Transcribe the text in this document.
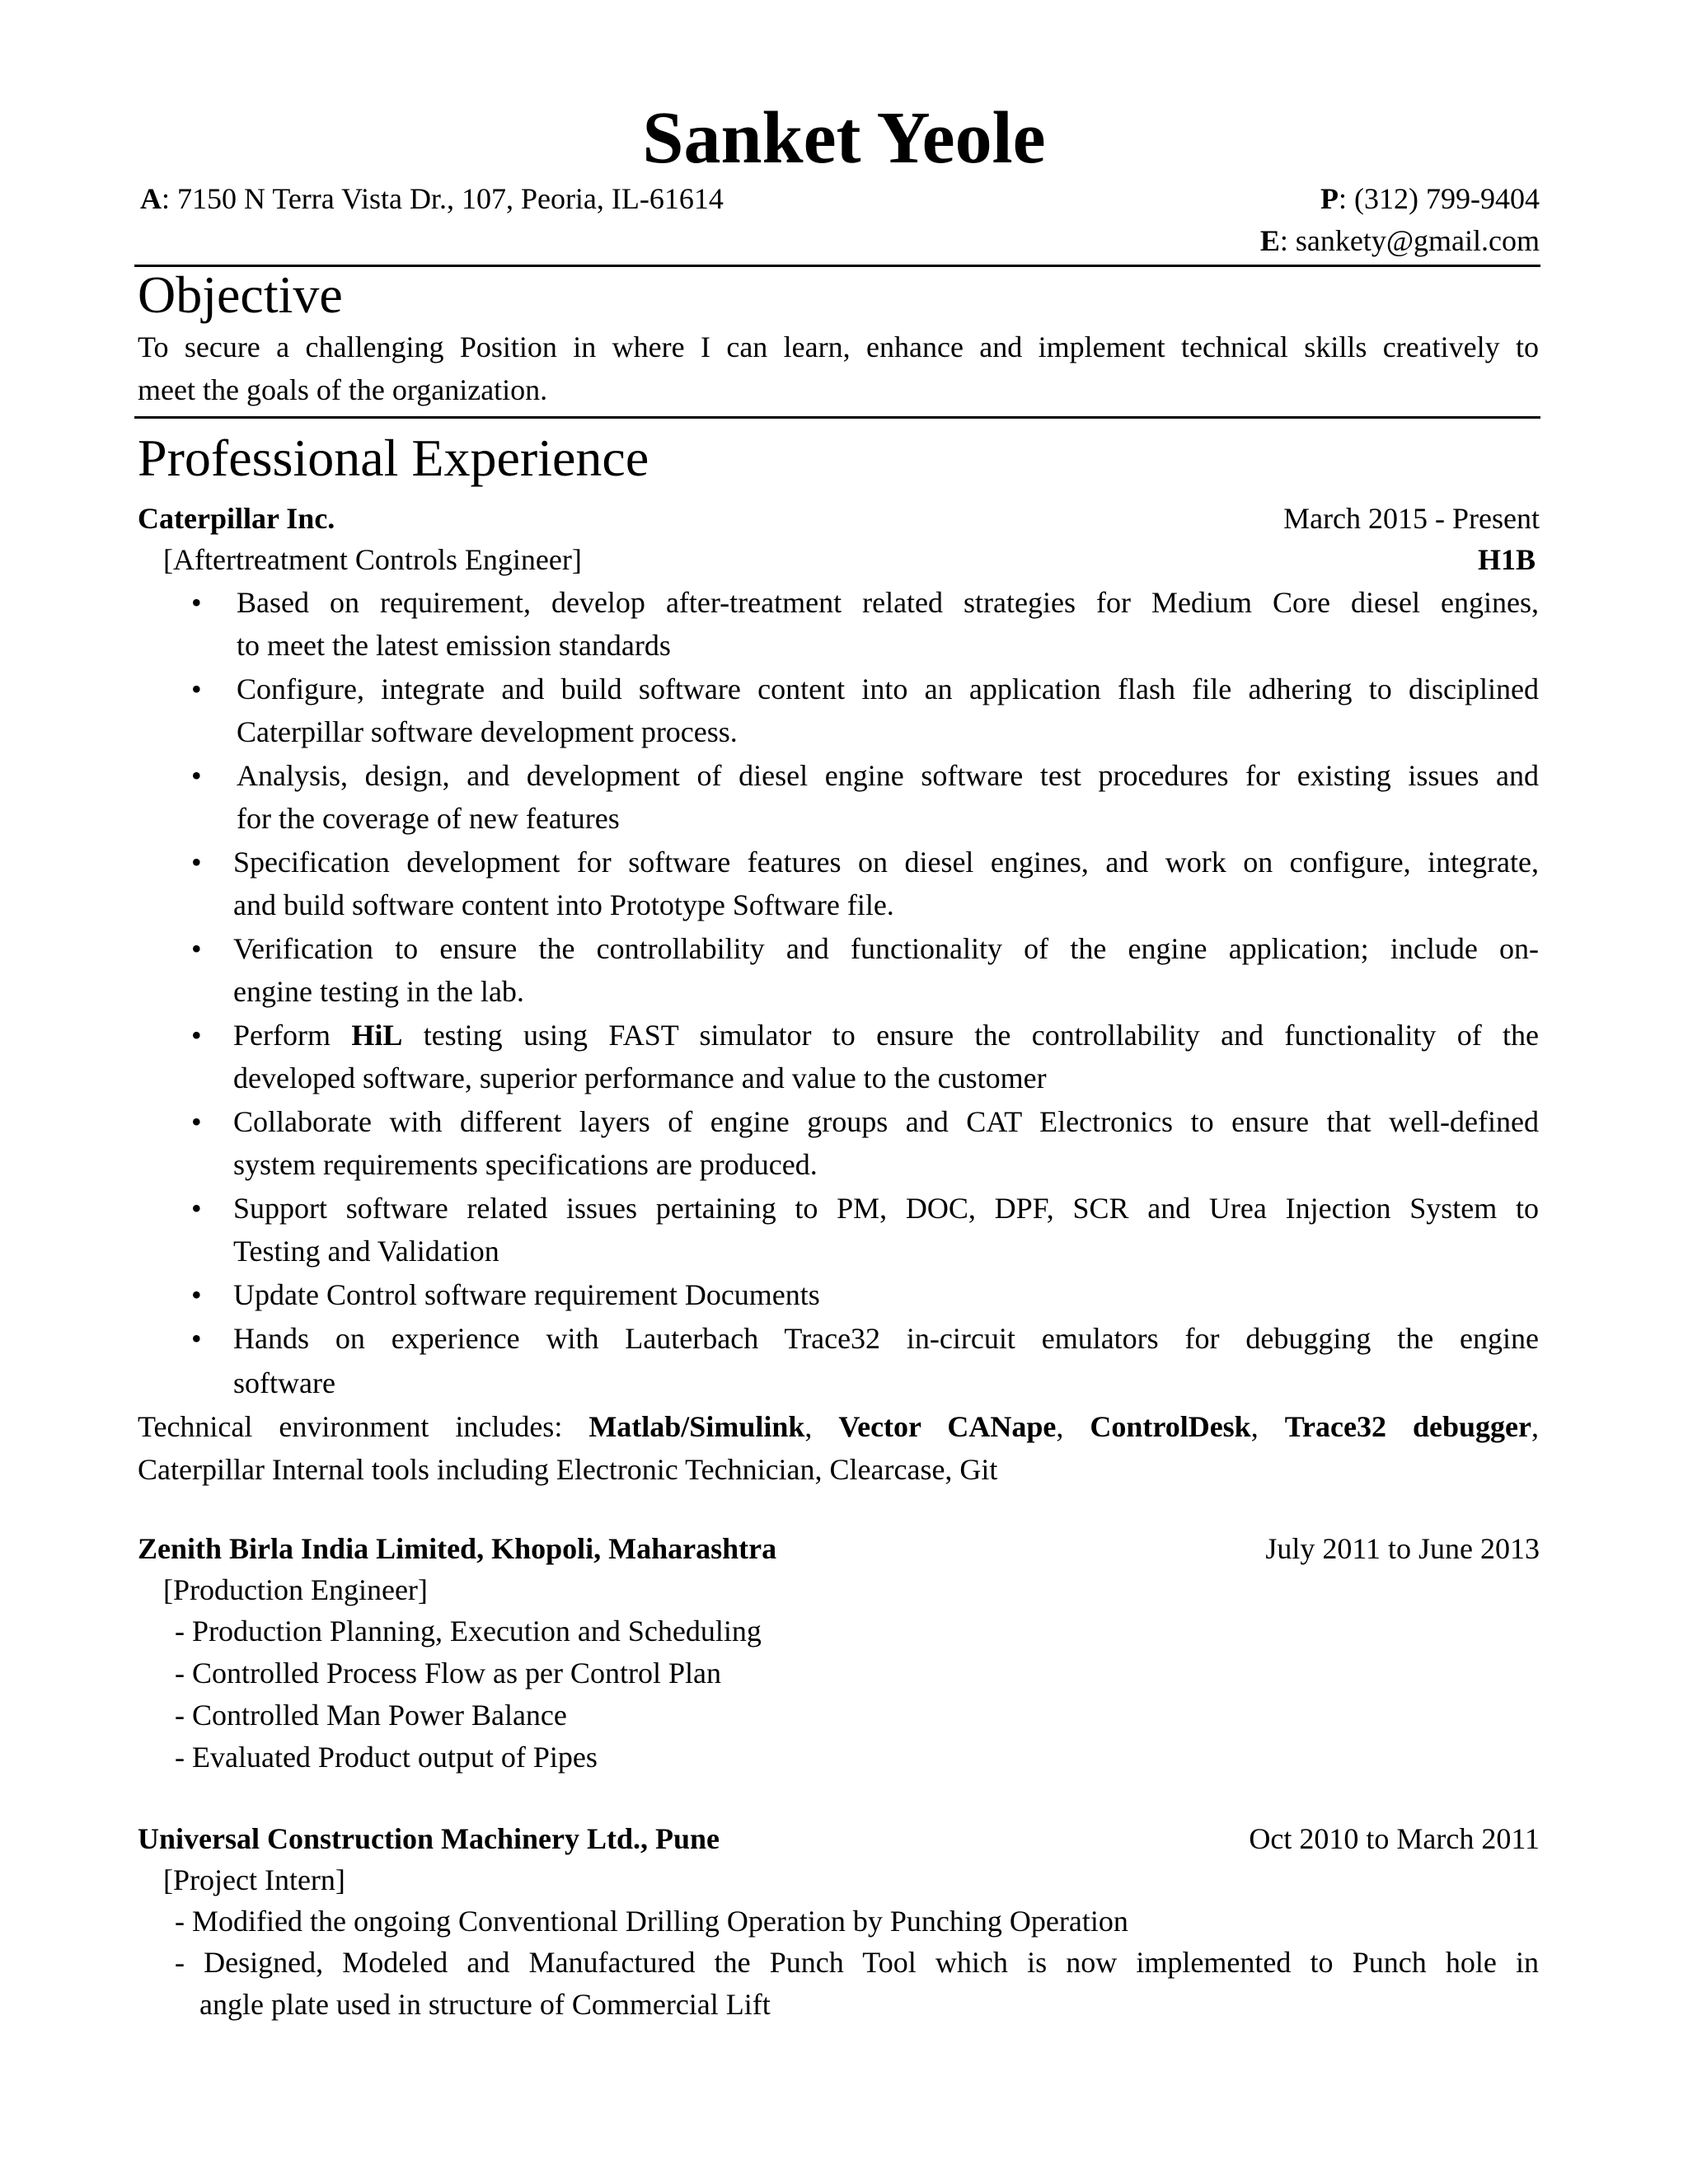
Sanket Yeole
A: 7150 N Terra Vista Dr., 107, Peoria, IL-61614	P: (312) 799-9404
E: sankety@gmail.com
Objective
To secure a challenging Position in where I can learn, enhance and implement technical skills creatively to
meet the goals of the organization.
Professional Experience
Caterpillar Inc.	March 2015 - Present
[Aftertreatment Controls Engineer]	H1B
• Based on requirement, develop after-treatment related strategies for Medium Core diesel engines,
to meet the latest emission standards
• Configure, integrate and build software content into an application flash file adhering to disciplined
Caterpillar software development process.
• Analysis, design, and development of diesel engine software test procedures for existing issues and
for the coverage of new features
• Specification development for software features on diesel engines, and work on configure, integrate,
and build software content into Prototype Software file.
• Verification to ensure the controllability and functionality of the engine application; include on-
engine testing in the lab.
• Perform HiL testing using FAST simulator to ensure the controllability and functionality of the
developed software, superior performance and value to the customer
• Collaborate with different layers of engine groups and CAT Electronics to ensure that well-defined
system requirements specifications are produced.
• Support software related issues pertaining to PM, DOC, DPF, SCR and Urea Injection System to
Testing and Validation
• Update Control software requirement Documents
• Hands on experience with Lauterbach Trace32 in-circuit emulators for debugging the engine
software
Technical environment includes: Matlab/Simulink, Vector CANape, ControlDesk, Trace32 debugger,
Caterpillar Internal tools including Electronic Technician, Clearcase, Git
Zenith Birla India Limited, Khopoli, Maharashtra	July 2011 to June 2013
[Production Engineer]
- Production Planning, Execution and Scheduling
- Controlled Process Flow as per Control Plan
- Controlled Man Power Balance
- Evaluated Product output of Pipes
Universal Construction Machinery Ltd., Pune	Oct 2010 to March 2011
[Project Intern]
- Modified the ongoing Conventional Drilling Operation by Punching Operation
- Designed, Modeled and Manufactured the Punch Tool which is now implemented to Punch hole in
angle plate used in structure of Commercial Lift
